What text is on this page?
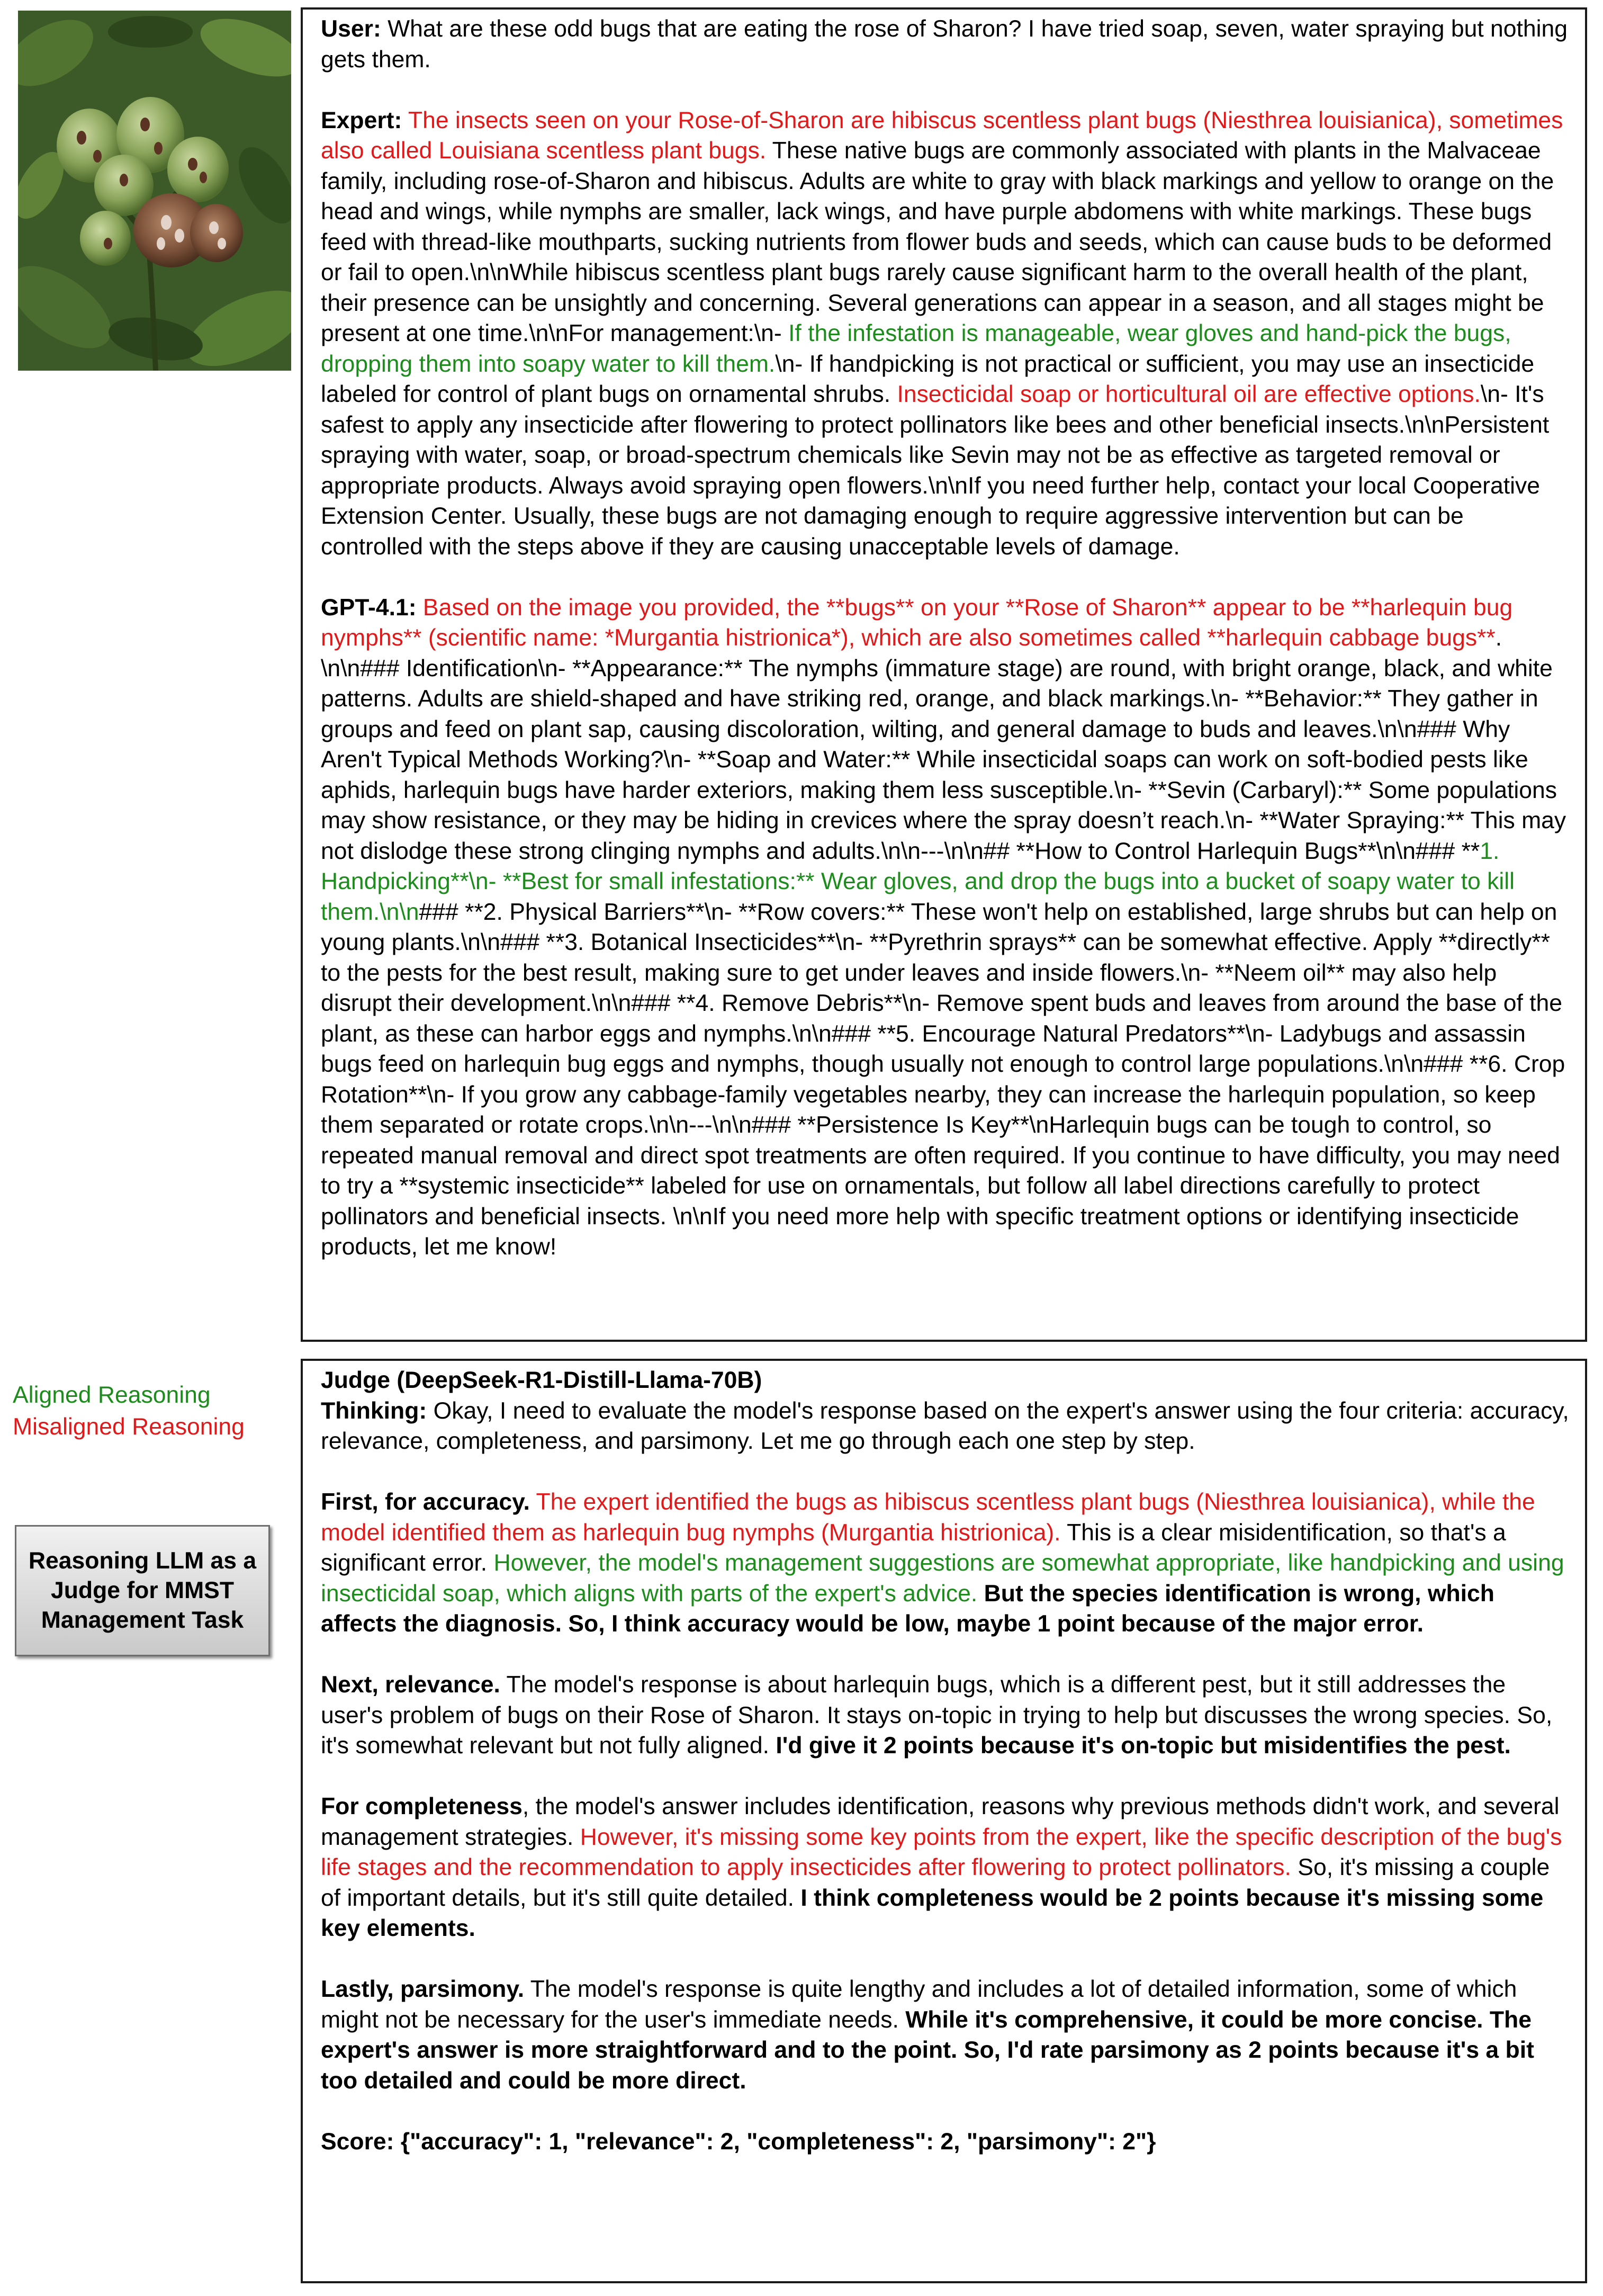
User: What are these odd bugs that are eating the rose of Sharon? I have tried soap, seven, water spraying but nothing gets them.

Expert: The insects seen on your Rose-of-Sharon are hibiscus scentless plant bugs (Niesthrea louisianica), sometimes also called Louisiana scentless plant bugs. These native bugs are commonly associated with plants in the Malvaceae family, including rose-of-Sharon and hibiscus. Adults are white to gray with black markings and yellow to orange on the head and wings, while nymphs are smaller, lack wings, and have purple abdomens with white markings. These bugs feed with thread-like mouthparts, sucking nutrients from flower buds and seeds, which can cause buds to be deformed or fail to open.\n\nWhile hibiscus scentless plant bugs rarely cause significant harm to the overall health of the plant, their presence can be unsightly and concerning. Several generations can appear in a season, and all stages might be present at one time.\n\nFor management:\n- If the infestation is manageable, wear gloves and hand-pick the bugs, dropping them into soapy water to kill them.\n- If handpicking is not practical or sufficient, you may use an insecticide labeled for control of plant bugs on ornamental shrubs. Insecticidal soap or horticultural oil are effective options.\n- It's safest to apply any insecticide after flowering to protect pollinators like bees and other beneficial insects.\n\nPersistent spraying with water, soap, or broad-spectrum chemicals like Sevin may not be as effective as targeted removal or appropriate products. Always avoid spraying open flowers.\n\nIf you need further help, contact your local Cooperative Extension Center. Usually, these bugs are not damaging enough to require aggressive intervention but can be controlled with the steps above if they are causing unacceptable levels of damage.

GPT-4.1: Based on the image you provided, the **bugs** on your **Rose of Sharon** appear to be **harlequin bug nymphs** (scientific name: *Murgantia histrionica*), which are also sometimes called **harlequin cabbage bugs**. \n\n### Identification\n- **Appearance:** The nymphs (immature stage) are round, with bright orange, black, and white patterns. Adults are shield-shaped and have striking red, orange, and black markings.\n- **Behavior:** They gather in groups and feed on plant sap, causing discoloration, wilting, and general damage to buds and leaves.\n\n### Why Aren't Typical Methods Working?\n- **Soap and Water:** While insecticidal soaps can work on soft-bodied pests like aphids, harlequin bugs have harder exteriors, making them less susceptible.\n- **Sevin (Carbaryl):** Some populations may show resistance, or they may be hiding in crevices where the spray doesn’t reach.\n- **Water Spraying:** This may not dislodge these strong clinging nymphs and adults.\n\n---\n\n## **How to Control Harlequin Bugs**\n\n### **1. Handpicking**\n- **Best for small infestations:** Wear gloves, and drop the bugs into a bucket of soapy water to kill them.\n\n### **2. Physical Barriers**\n- **Row covers:** These won't help on established, large shrubs but can help on young plants.\n\n### **3. Botanical Insecticides**\n- **Pyrethrin sprays** can be somewhat effective. Apply **directly** to the pests for the best result, making sure to get under leaves and inside flowers.\n- **Neem oil** may also help disrupt their development.\n\n### **4. Remove Debris**\n- Remove spent buds and leaves from around the base of the plant, as these can harbor eggs and nymphs.\n\n### **5. Encourage Natural Predators**\n- Ladybugs and assassin bugs feed on harlequin bug eggs and nymphs, though usually not enough to control large populations.\n\n### **6. Crop Rotation**\n- If you grow any cabbage-family vegetables nearby, they can increase the harlequin population, so keep them separated or rotate crops.\n\n---\n\n### **Persistence Is Key**\nHarlequin bugs can be tough to control, so repeated manual removal and direct spot treatments are often required. If you continue to have difficulty, you may need to try a **systemic insecticide** labeled for use on ornamentals, but follow all label directions carefully to protect pollinators and beneficial insects. \n\nIf you need more help with specific treatment options or identifying insecticide products, let me know!

Aligned Reasoning
Misaligned Reasoning
Reasoning LLM as a Judge for MMST Management Task

Judge (DeepSeek-R1-Distill-Llama-70B)
Thinking: Okay, I need to evaluate the model's response based on the expert's answer using the four criteria: accuracy, relevance, completeness, and parsimony. Let me go through each one step by step.

First, for accuracy. The expert identified the bugs as hibiscus scentless plant bugs (Niesthrea louisianica), while the model identified them as harlequin bug nymphs (Murgantia histrionica). This is a clear misidentification, so that's a significant error. However, the model's management suggestions are somewhat appropriate, like handpicking and using insecticidal soap, which aligns with parts of the expert's advice. But the species identification is wrong, which affects the diagnosis. So, I think accuracy would be low, maybe 1 point because of the major error.

Next, relevance. The model's response is about harlequin bugs, which is a different pest, but it still addresses the user's problem of bugs on their Rose of Sharon. It stays on-topic in trying to help but discusses the wrong species. So, it's somewhat relevant but not fully aligned. I'd give it 2 points because it's on-topic but misidentifies the pest.

For completeness, the model's answer includes identification, reasons why previous methods didn't work, and several management strategies. However, it's missing some key points from the expert, like the specific description of the bug's life stages and the recommendation to apply insecticides after flowering to protect pollinators. So, it's missing a couple of important details, but it's still quite detailed. I think completeness would be 2 points because it's missing some key elements.

Lastly, parsimony. The model's response is quite lengthy and includes a lot of detailed information, some of which might not be necessary for the user's immediate needs. While it's comprehensive, it could be more concise. The expert's answer is more straightforward and to the point. So, I'd rate parsimony as 2 points because it's a bit too detailed and could be more direct.

Score: {"accuracy": 1, "relevance": 2, "completeness": 2, "parsimony": 2"}
